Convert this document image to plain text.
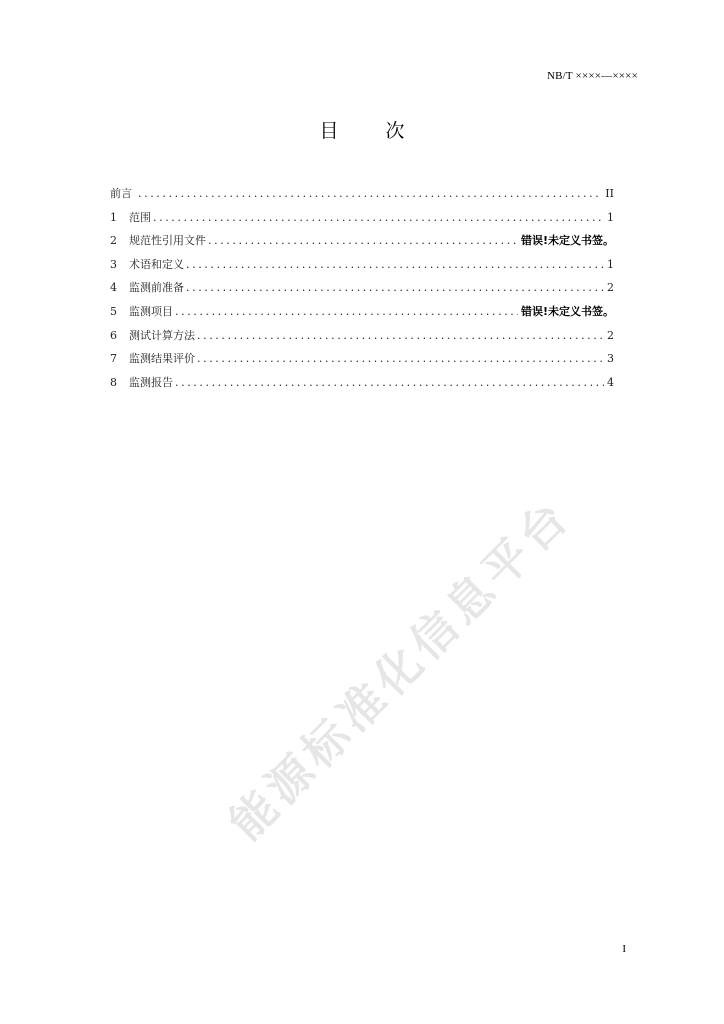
NB/T ××××—××××
目　次
前言 .....	II
1	范围 .....	1
2	规范性引用文件 .....	错误!未定义书签。
3	术语和定义 .....	1
4	监测前准备 .....	2
5	监测项目 .....	错误!未定义书签。
6	测试计算方法 .....	2
7	监测结果评价 .....	3
8	监测报告 .....	4
能源标准化信息平台
I
